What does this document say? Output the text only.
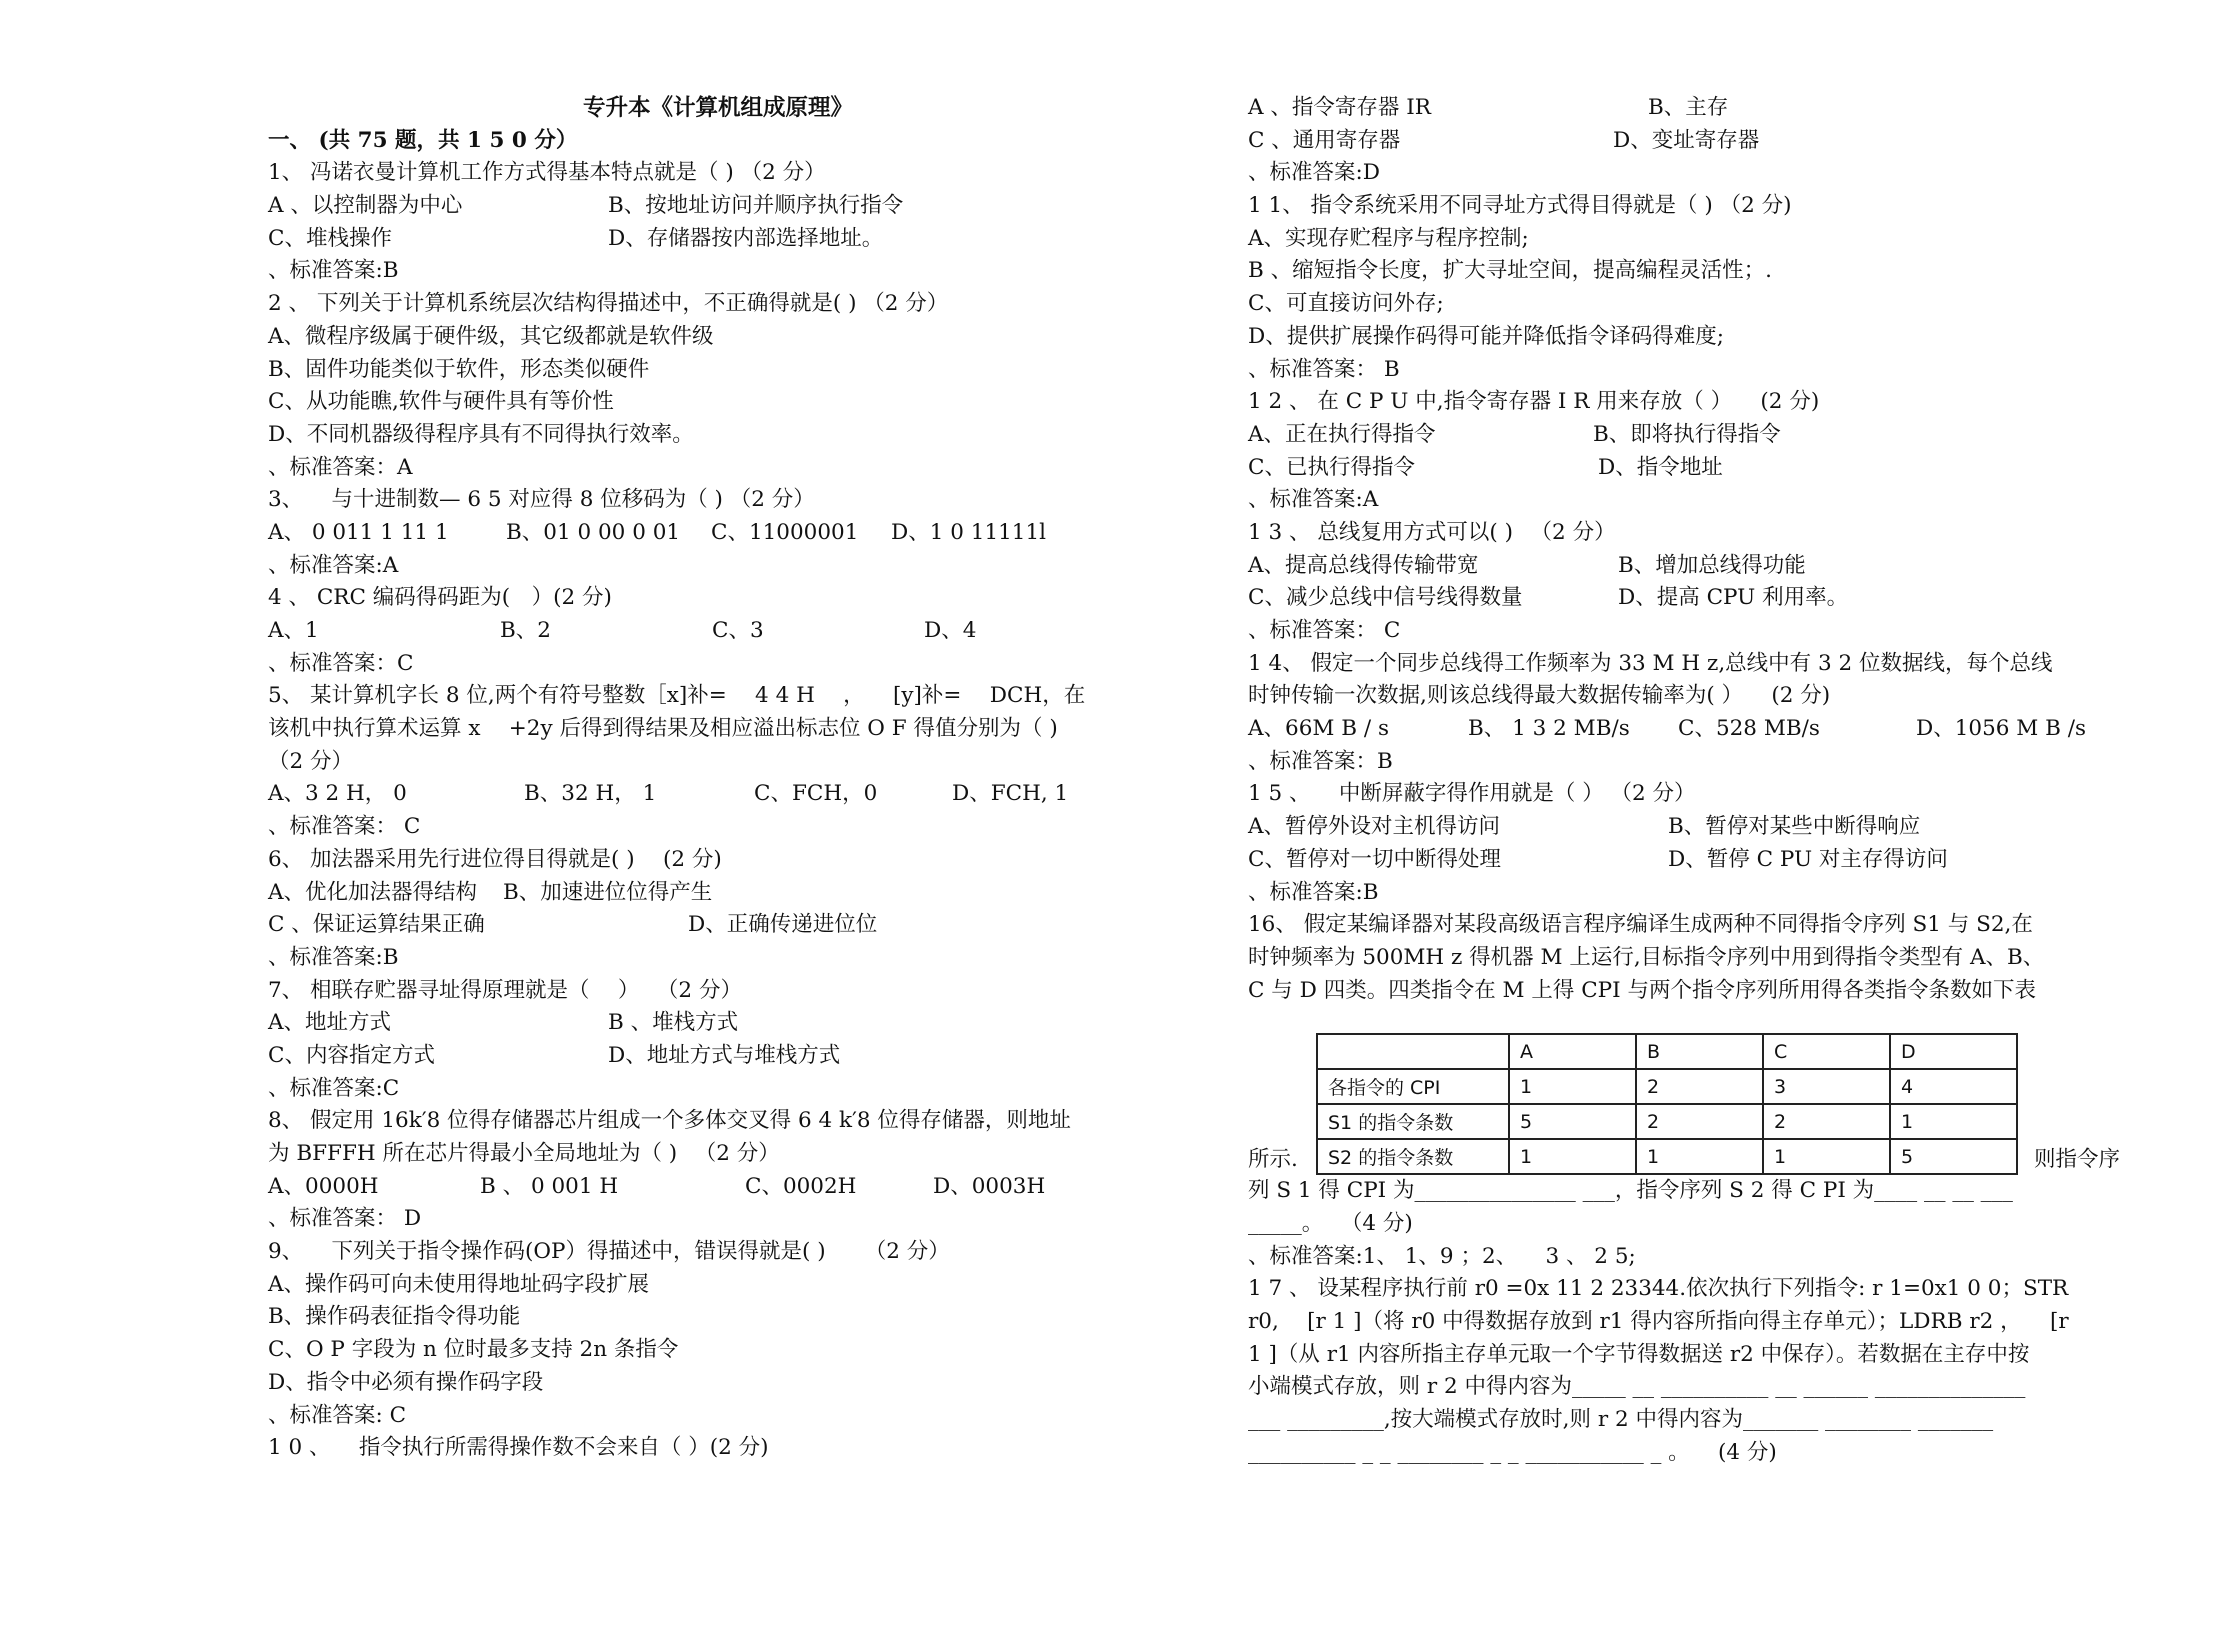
专升本《计算机组成原理》
一、 (共 75 题，共 1 5 0 分）
1、 冯诺衣曼计算机工作方式得基本特点就是（ ) （2 分）
A 、以控制器为中心	B、按地址访问并顺序执行指令
C、堆栈操作	D、存储器按内部选择地址。
、标准答案:B
2 、 下列关于计算机系统层次结构得描述中，不正确得就是( ) （2 分）
A、微程序级属于硬件级，其它级都就是软件级
B、固件功能类似于软件，形态类似硬件
C、从功能瞧,软件与硬件具有等价性
D、不同机器级得程序具有不同得执行效率。
、标准答案：A
3、 　与十进制数— 6 5 对应得 8 位移码为（ ) （2 分）
A、 0 011 1 11 1	B、01 0 00 0 01	C、11000001	D、1 0 11111l
、标准答案:A
4 、 CRC 编码得码距为(　）(2 分)
A、1	B、2	C、3	D、4
、标准答案：C
5、 某计算机字长 8 位,两个有符号整数［x]补= 　4 4 H 　， 　[y]补= 　DCH，在
该机中执行算术运算 x 　+2y 后得到得结果及相应溢出标志位 O F 得值分别为（ )
（2 分）
A、3 2 H， 0	B、32 H， 1	C、FCH，0	D、FCH, 1
、标准答案： C
6、 加法器采用先行进位得目得就是( ) 　(2 分)
A、优化加法器得结构	B、加速进位位得产生
C 、保证运算结果正确	D、正确传递进位位
、标准答案:B
7、 相联存贮器寻址得原理就是（ 　） 　（2 分）
A、地址方式	B 、堆栈方式
C、内容指定方式	D、地址方式与堆栈方式
、标准答案:C
8、 假定用 16k′8 位得存储器芯片组成一个多体交叉得 6 4 k′8 位得存储器，则地址
为 BFFFH 所在芯片得最小全局地址为（ ) 　（2 分）
A、0000H	B 、 0 001 H	C、0002H	D、0003H
、标准答案： D
9、 　下列关于指令操作码(OP）得描述中，错误得就是( ) 　　（2 分）
A、操作码可向未使用得地址码字段扩展
B、操作码表征指令得功能
C、O P 字段为 n 位时最多支持 2n 条指令
D、指令中必须有操作码字段
、标准答案: C
1 0 、 　指令执行所需得操作数不会来自（ ）(2 分)
A 、指令寄存器 IR	B、主存
C 、通用寄存器	D、变址寄存器
、标准答案:D
1 1、 指令系统采用不同寻址方式得目得就是（ ) （2 分)
A、实现存贮程序与程序控制;
B 、缩短指令长度，扩大寻址空间，提高编程灵活性；.
C、可直接访问外存;
D、提供扩展操作码得可能并降低指令译码得难度;
、标准答案： B
1 2 、 在 C P U 中,指令寄存器 I R 用来存放（ ） 　(2 分)
A、正在执行得指令	B、即将执行得指令
C、已执行得指令	D、指令地址
、标准答案:A
1 3 、 总线复用方式可以( ) 　（2 分）
A、提高总线得传输带宽	B、增加总线得功能
C、减少总线中信号线得数量	D、提高 CPU 利用率。
、标准答案： C
1 4、 假定一个同步总线得工作频率为 33 M H z,总线中有 3 2 位数据线，每个总线
时钟传输一次数据,则该总线得最大数据传输率为( ） 　(2 分)
A、66M B / s	B、 1 3 2 MB/s	C、528 MB/s	D、1056 M B /s
、标准答案：B
1 5 、 　中断屏蔽字得作用就是（ ） （2 分）
A、暂停外设对主机得访问	B、暂停对某些中断得响应
C、暂停对一切中断得处理	D、暂停 C PU 对主存得访问
、标准答案:B
16、 假定某编译器对某段高级语言程序编译生成两种不同得指令序列 S1 与 S2,在
时钟频率为 500MH z 得机器 M 上运行,目标指令序列中用到得指令类型有 A、B、
C 与 D 四类。四类指令在 M 上得 CPI 与两个指令序列所用得各类指令条数如下表
所示.
	A	B	C	D
各指令的 CPI	1	2	3	4
S1 的指令条数	5	2	2	1
S2 的指令条数	1	1	1	5	则指令序
列 S 1 得 CPI 为_______________ ___，指令序列 S 2 得 C PI 为____ __ __ ___
_____。 　（4 分)
、标准答案:1、 1、9 ；2、 　3 、 2 5;
1 7 、 设某程序执行前 r0 =0x 11 2 23344.依次执行下列指令: r 1=0x1 0 0；STR
r0, 　[r 1 ]（将 r0 中得数据存放到 r1 得内容所指向得主存单元）；LDRB r2 ， 　[r
1 ]（从 r1 内容所指主存单元取一个字节得数据送 r2 中保存）。若数据在主存中按
小端模式存放，则 r 2 中得内容为_____ __ __________ __ ______ ______________
___ _________,按大端模式存放时,则 r 2 中得内容为_______ ________ _______
__________ _ _ ________ _ _ ___________ _ 。 　(4 分)
